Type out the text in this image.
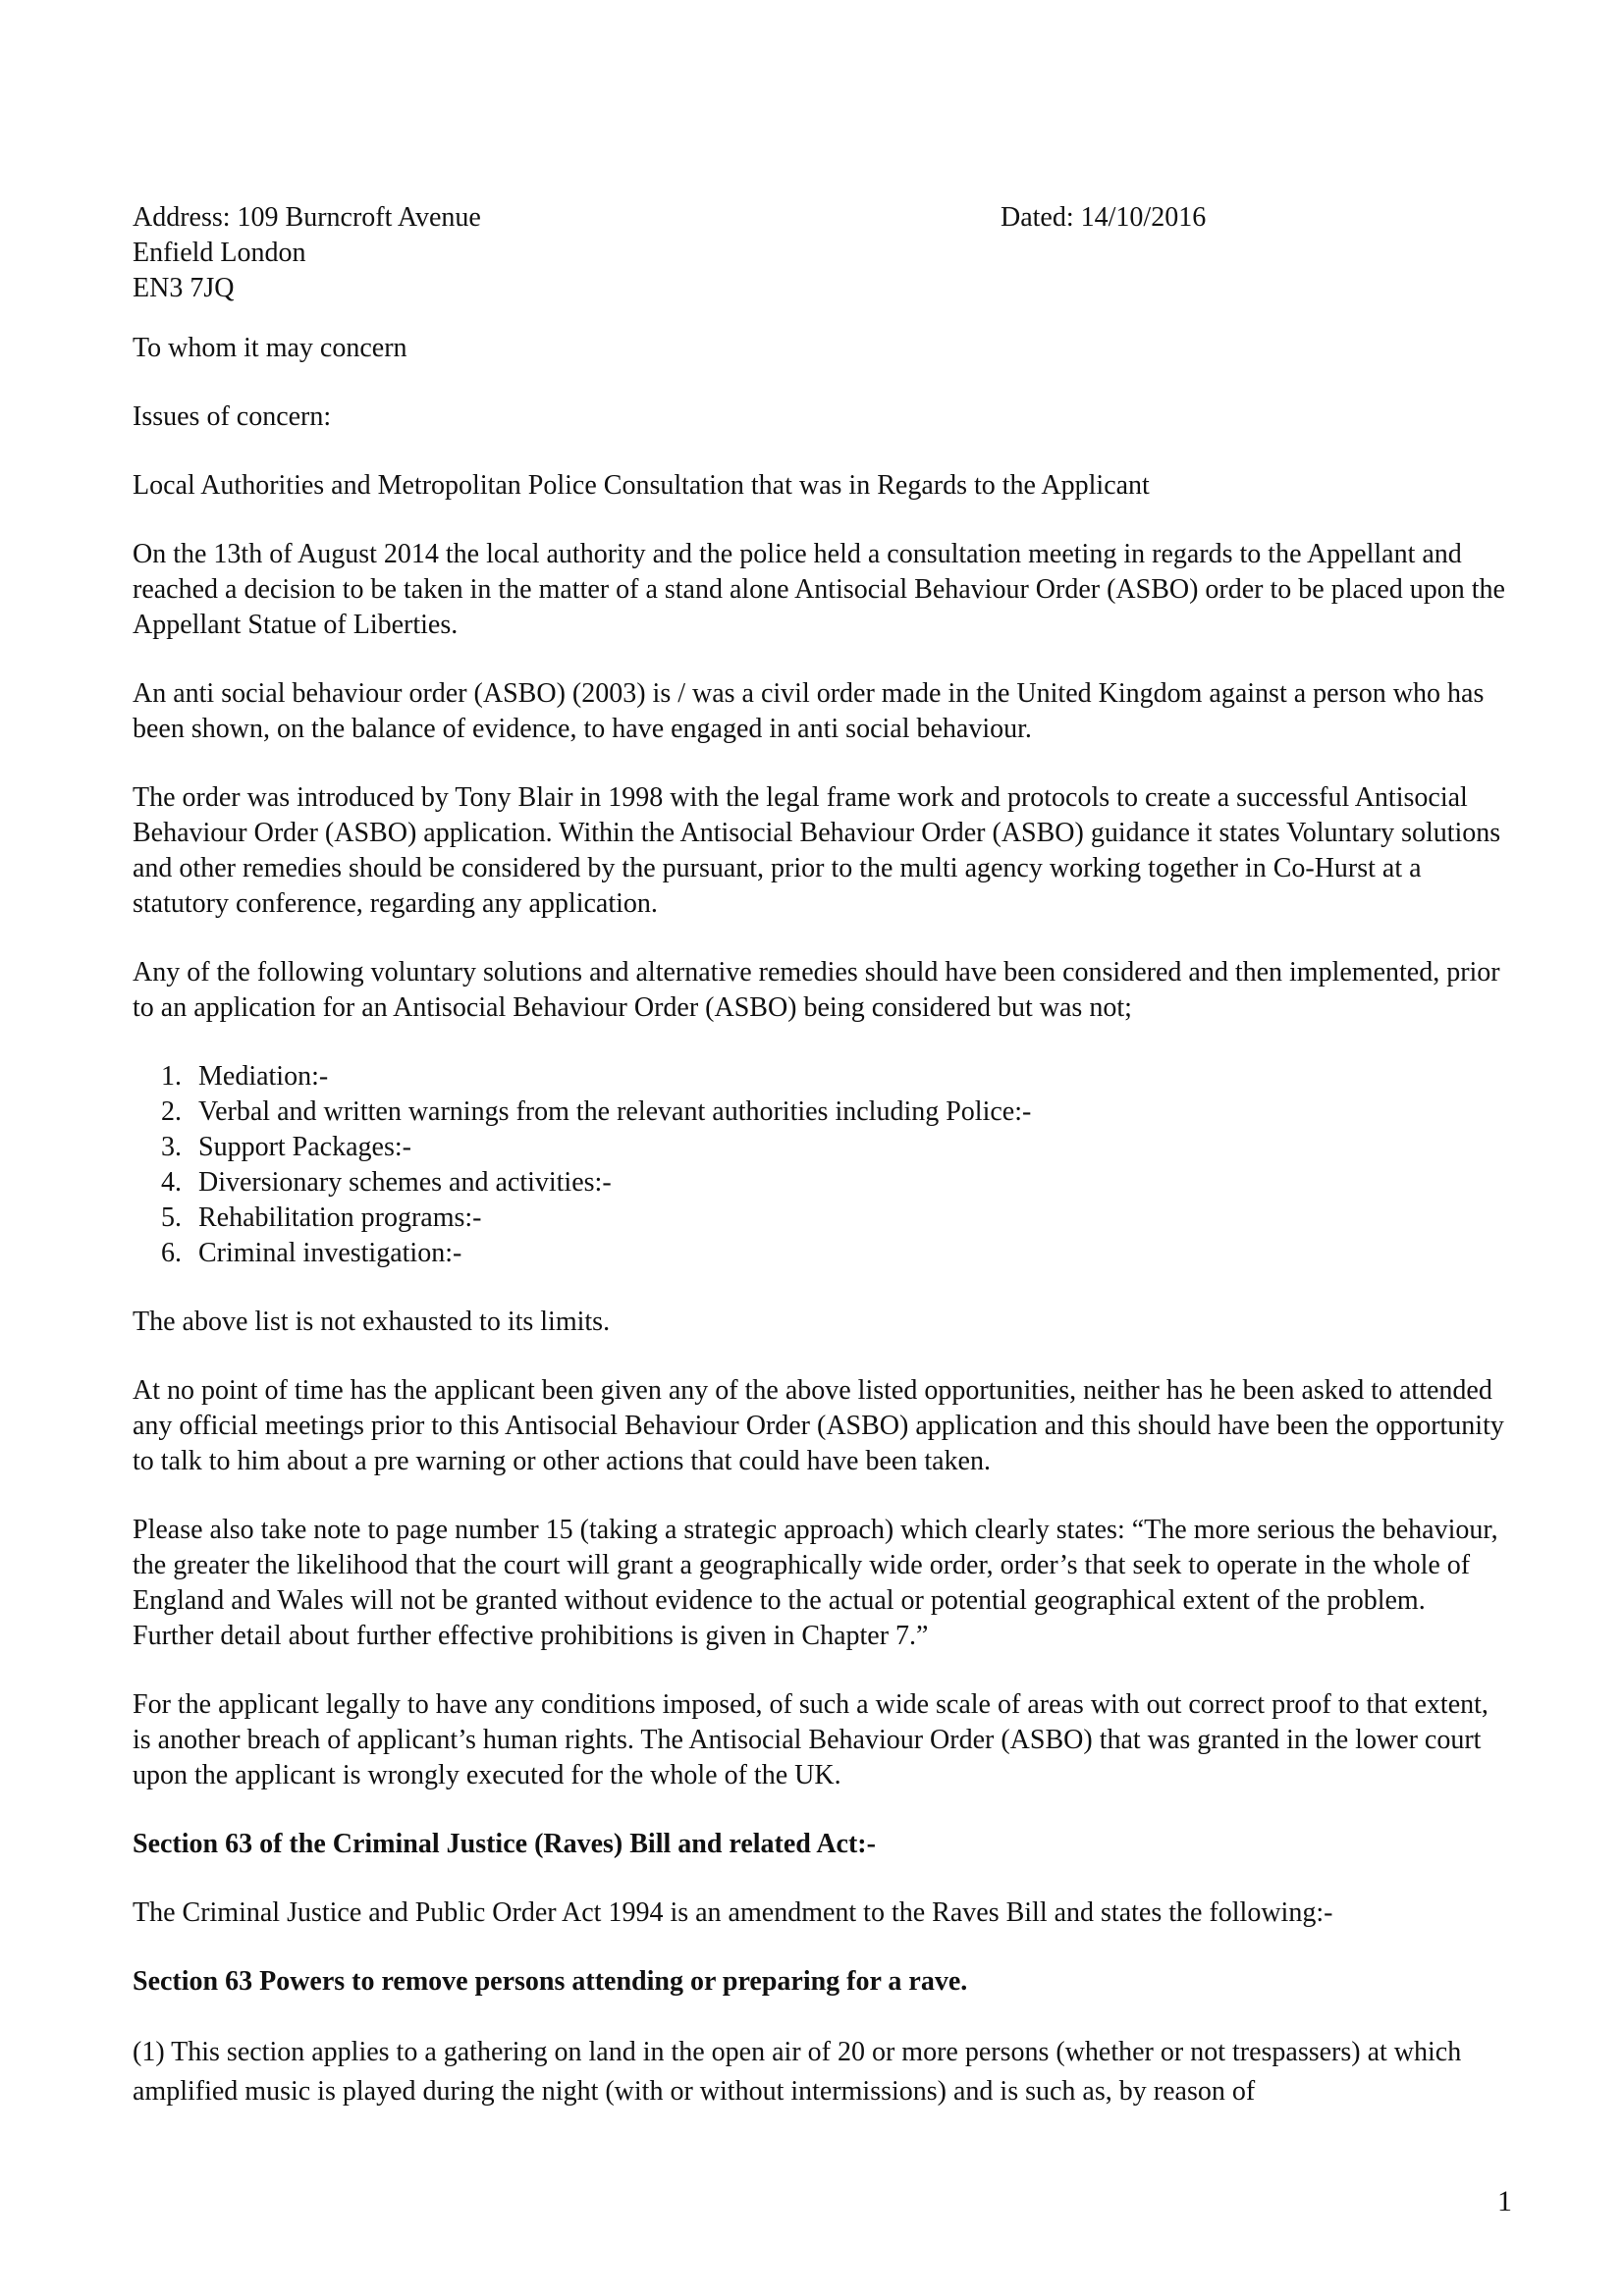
Address: 109 Burncroft Avenue
Enfield London
EN3 7JQ
Dated: 14/10/2016

To whom it may concern

Issues of concern:

Local Authorities and Metropolitan Police Consultation that was in Regards to the Applicant

On the 13th of August 2014 the local authority and the police held a consultation meeting in regards to the Appellant and reached a decision to be taken in the matter of a stand alone Antisocial Behaviour Order (ASBO) order to be placed upon the Appellant Statue of Liberties.

An anti social behaviour order (ASBO) (2003) is / was a civil order made in the United Kingdom against a person who has been shown, on the balance of evidence, to have engaged in anti social behaviour.

The order was introduced by Tony Blair in 1998 with the legal frame work and protocols to create a successful Antisocial Behaviour Order (ASBO) application. Within the Antisocial Behaviour Order (ASBO) guidance it states Voluntary solutions and other remedies should be considered by the pursuant, prior to the multi agency working together in Co-Hurst at a statutory conference, regarding any application.

Any of the following voluntary solutions and alternative remedies should have been considered and then implemented, prior to an application for an Antisocial Behaviour Order (ASBO) being considered but was not;

1. Mediation:-
2. Verbal and written warnings from the relevant authorities including Police:-
3. Support Packages:-
4. Diversionary schemes and activities:-
5. Rehabilitation programs:-
6. Criminal investigation:-

The above list is not exhausted to its limits.

At no point of time has the applicant been given any of the above listed opportunities, neither has he been asked to attended any official meetings prior to this Antisocial Behaviour Order (ASBO) application and this should have been the opportunity to talk to him about a pre warning or other actions that could have been taken.

Please also take note to page number 15 (taking a strategic approach) which clearly states: “The more serious the behaviour, the greater the likelihood that the court will grant a geographically wide order, order’s that seek to operate in the whole of England and Wales will not be granted without evidence to the actual or potential geographical extent of the problem. Further detail about further effective prohibitions is given in Chapter 7.”

For the applicant legally to have any conditions imposed, of such a wide scale of areas with out correct proof to that extent, is another breach of applicant’s human rights. The Antisocial Behaviour Order (ASBO) that was granted in the lower court upon the applicant is wrongly executed for the whole of the UK.

Section 63 of the Criminal Justice (Raves) Bill and related Act:-

The Criminal Justice and Public Order Act 1994 is an amendment to the Raves Bill and states the following:-

Section 63 Powers to remove persons attending or preparing for a rave.

(1) This section applies to a gathering on land in the open air of 20 or more persons (whether or not trespassers) at which amplified music is played during the night (with or without intermissions) and is such as, by reason of

1
